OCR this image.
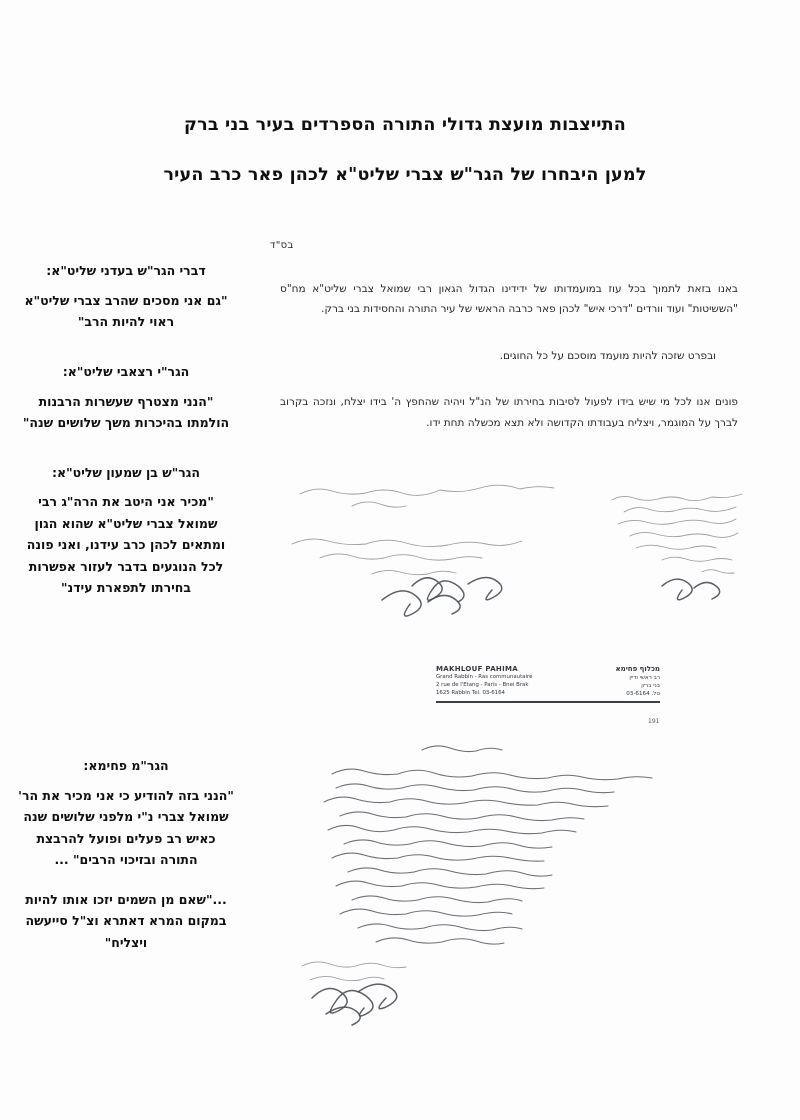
התייצבות מועצת גדולי התורה הספרדים בעיר בני ברק
למען היבחרו של הגר"ש צברי שליט"א לכהן פאר כרב העיר
דברי הגר"ש בעדני שליט"א:
"גם אני מסכים שהרב צברי שליט"א ראוי להיות הרב"
הגר"י רצאבי שליט"א:
"הנני מצטרף שעשרות הרבנות הולמתו בהיכרות משך שלושים שנה"
הגר"ש בן שמעון שליט"א:
"מכיר אני היטב את הרה"ג רבי שמואל צברי שליט"א שהוא הגון ומתאים לכהן כרב עידנו, ואני פונה לכל הנוגעים בדבר לעזור אפשרות בחירתו לתפארת עידנ"
הגר"מ פחימא:
"הנני בזה להודיע כי אני מכיר את הר' שמואל צברי נ"י מלפני שלושים שנה כאיש רב פעלים ופועל להרבצת התורה ובזיכוי הרבים" ...
..."שאם מן השמים יזכו אותו להיות במקום המרא דאתרא וצ"ל סייעשה ויצליח"
בס"ד

באנו בזאת לתמוך בכל עוז במועמדותו של ידידינו הגדול הגאון רבי שמואל צברי שליט"א מח"ס "הששיטות" ועוד וורדים "דרכי איש" לכהן פאר כרבה הראשי של עיר התורה והחסידות בני ברק.

ובפרט שזכה להיות מועמד מוסכם על כל החוגים.

פונים אנו לכל מי שיש בידו לפעול לסיבות בחירתו של הנ"ל ויהיה שהחפץ ה' בידו יצלח, ונזכה בקרוב לברך על המוגמר, ויצליח בעבודתו הקדושה ולא תצא מכשלה תחת ידו.

MAKHLOUF PAHIMA
Grand Rabbin - Ras communautaire
2 rue de l'Etang - Paris - Bnei Brak
1625 Rabbin Tel. 03-6164
מכלוף פחימא
רב ראשי ודיין
בני ברק
טל. 03-6164
191
